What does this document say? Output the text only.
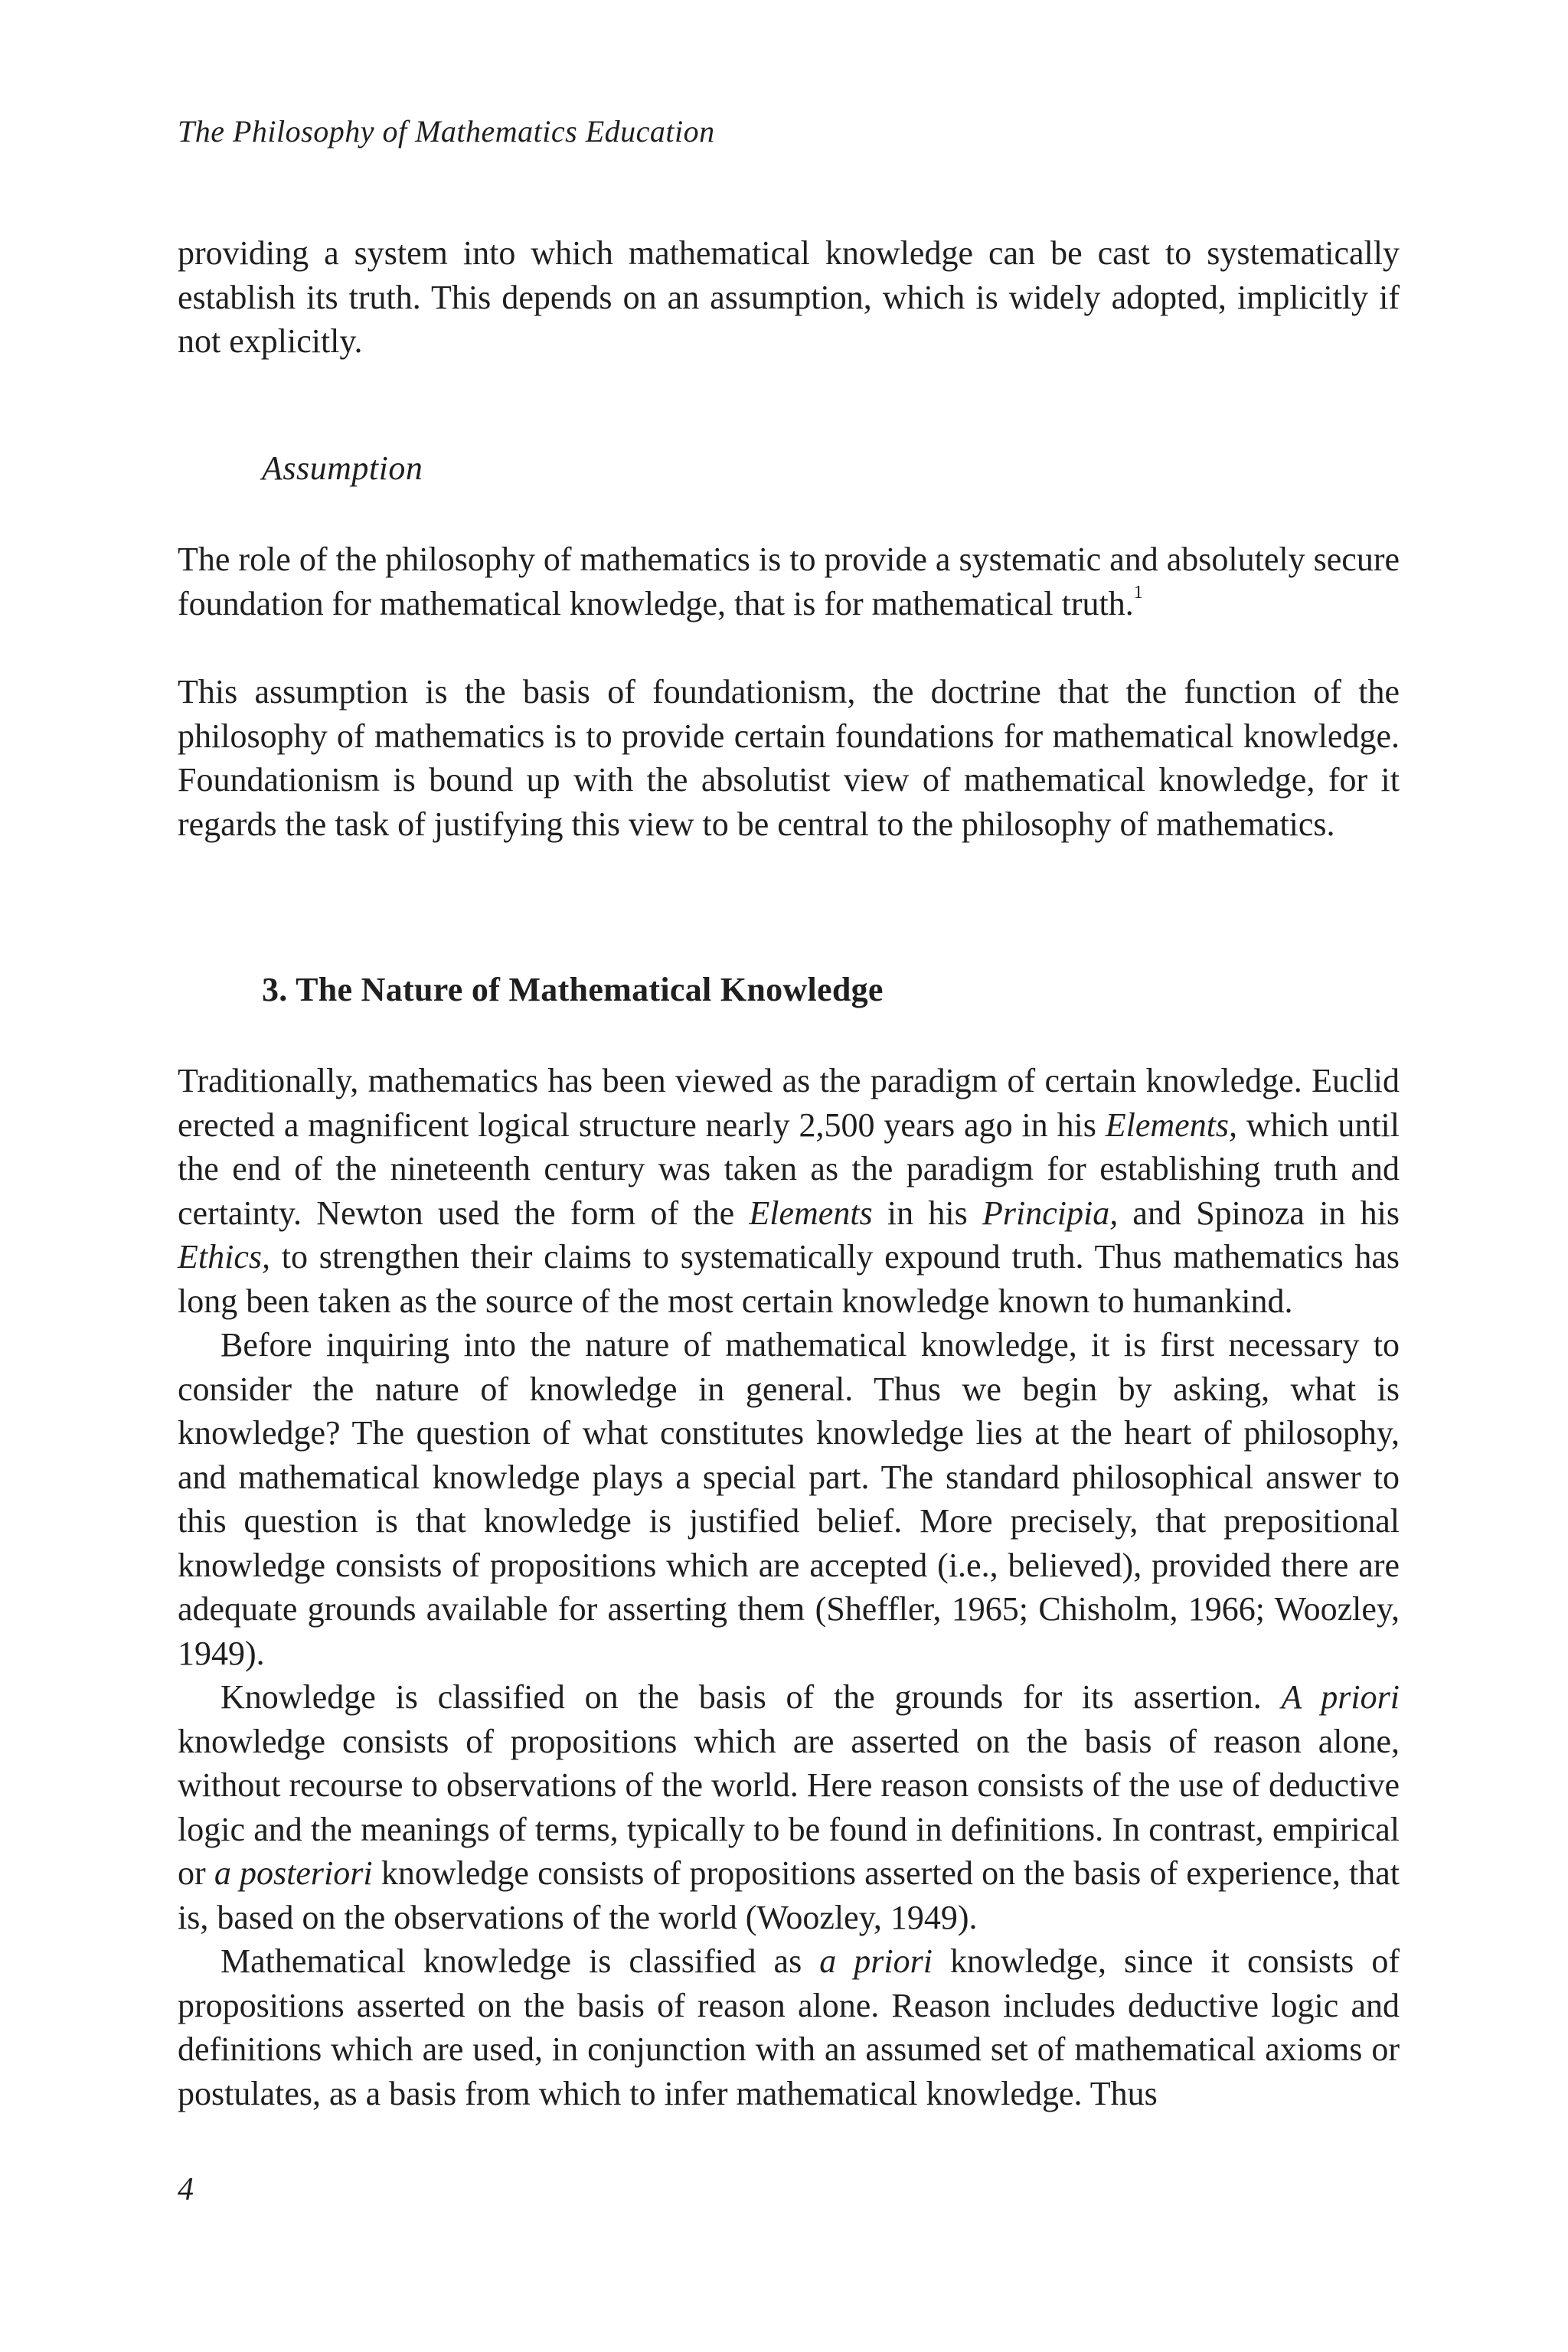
The Philosophy of Mathematics Education

providing a system into which mathematical knowledge can be cast to systematically establish its truth. This depends on an assumption, which is widely adopted, implicitly if not explicitly.

Assumption

The role of the philosophy of mathematics is to provide a systematic and absolutely secure foundation for mathematical knowledge, that is for mathematical truth.$^1$

This assumption is the basis of foundationism, the doctrine that the function of the philosophy of mathematics is to provide certain foundations for mathematical knowledge. Foundationism is bound up with the absolutist view of mathematical knowledge, for it regards the task of justifying this view to be central to the philosophy of mathematics.

3. The Nature of Mathematical Knowledge

Traditionally, mathematics has been viewed as the paradigm of certain knowledge. Euclid erected a magnificent logical structure nearly 2,500 years ago in his Elements, which until the end of the nineteenth century was taken as the paradigm for establishing truth and certainty. Newton used the form of the Elements in his Principia, and Spinoza in his Ethics, to strengthen their claims to systematically expound truth. Thus mathematics has long been taken as the source of the most certain knowledge known to humankind.

Before inquiring into the nature of mathematical knowledge, it is first necessary to consider the nature of knowledge in general. Thus we begin by asking, what is knowledge? The question of what constitutes knowledge lies at the heart of philosophy, and mathematical knowledge plays a special part. The standard philosophical answer to this question is that knowledge is justified belief. More precisely, that prepositional knowledge consists of propositions which are accepted (i.e., believed), provided there are adequate grounds available for asserting them (Sheffler, 1965; Chisholm, 1966; Woozley, 1949).

Knowledge is classified on the basis of the grounds for its assertion. A priori knowledge consists of propositions which are asserted on the basis of reason alone, without recourse to observations of the world. Here reason consists of the use of deductive logic and the meanings of terms, typically to be found in definitions. In contrast, empirical or a posteriori knowledge consists of propositions asserted on the basis of experience, that is, based on the observations of the world (Woozley, 1949).

Mathematical knowledge is classified as a priori knowledge, since it consists of propositions asserted on the basis of reason alone. Reason includes deductive logic and definitions which are used, in conjunction with an assumed set of mathematical axioms or postulates, as a basis from which to infer mathematical knowledge. Thus

4
